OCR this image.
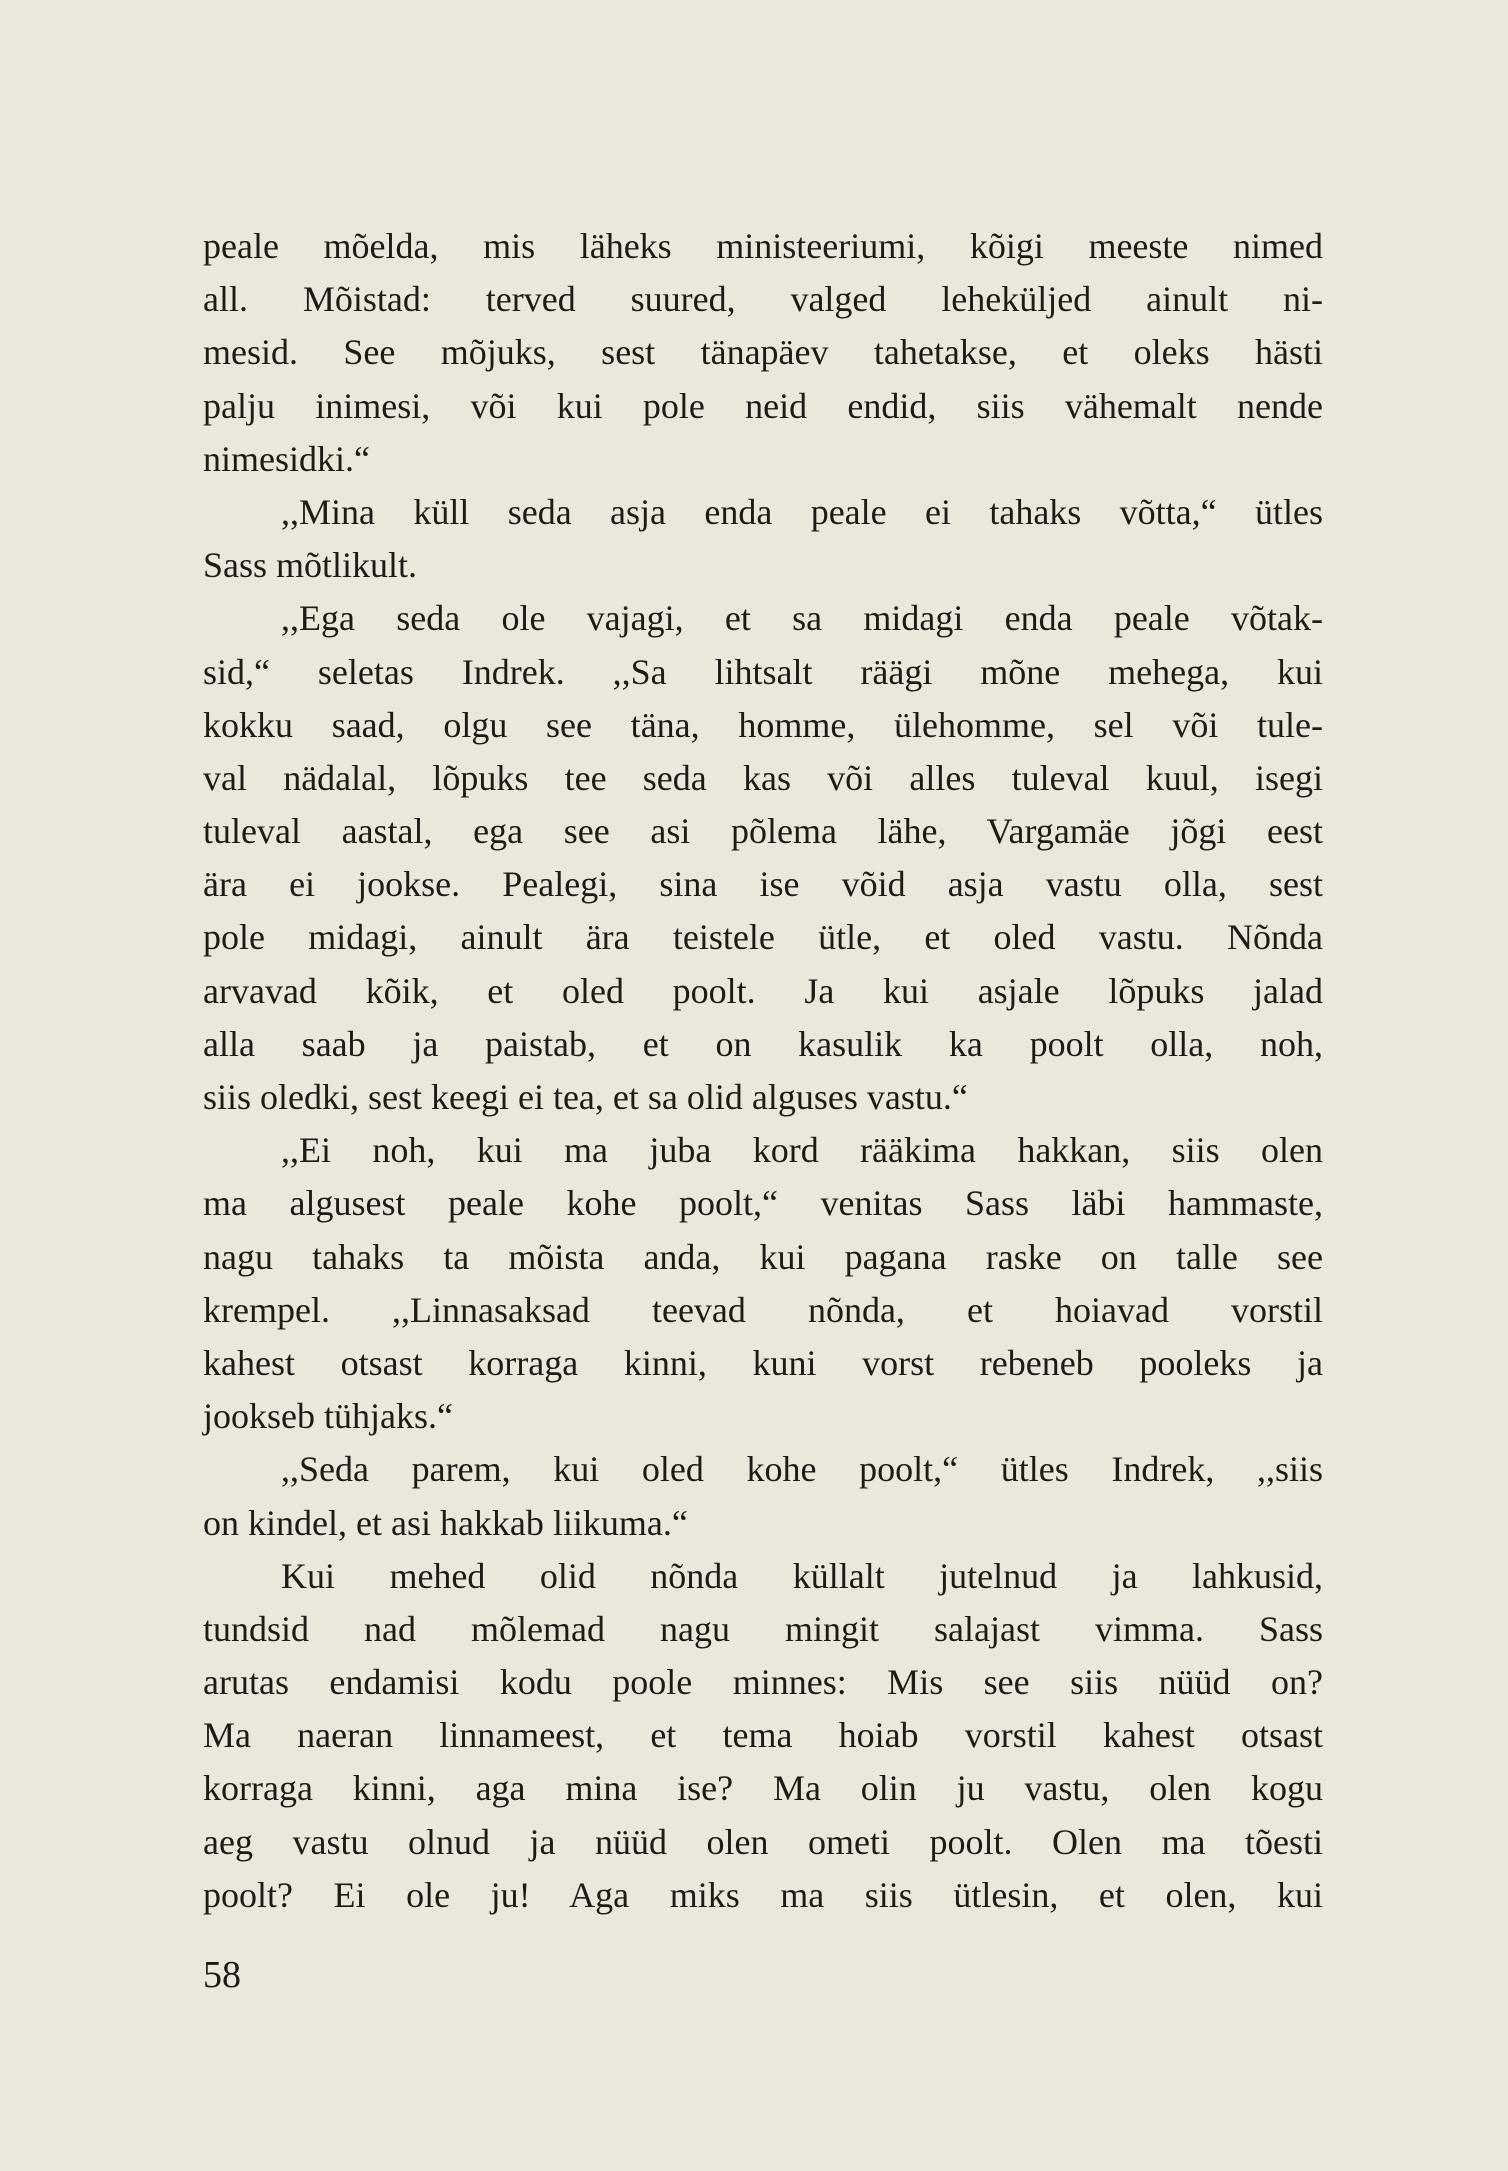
peale mõelda, mis läheks ministeeriumi, kõigi meeste nimed
all. Mõistad: terved suured, valged leheküljed ainult ni-
mesid. See mõjuks, sest tänapäev tahetakse, et oleks hästi
palju inimesi, või kui pole neid endid, siis vähemalt nende
nimesidki.“
,,Mina küll seda asja enda peale ei tahaks võtta,“ ütles
Sass mõtlikult.
,,Ega seda ole vajagi, et sa midagi enda peale võtak-
sid,“ seletas Indrek. ,,Sa lihtsalt räägi mõne mehega, kui
kokku saad, olgu see täna, homme, ülehomme, sel või tule-
val nädalal, lõpuks tee seda kas või alles tuleval kuul, isegi
tuleval aastal, ega see asi põlema lähe, Vargamäe jõgi eest
ära ei jookse. Pealegi, sina ise võid asja vastu olla, sest
pole midagi, ainult ära teistele ütle, et oled vastu. Nõnda
arvavad kõik, et oled poolt. Ja kui asjale lõpuks jalad
alla saab ja paistab, et on kasulik ka poolt olla, noh,
siis oledki, sest keegi ei tea, et sa olid alguses vastu.“
,,Ei noh, kui ma juba kord rääkima hakkan, siis olen
ma algusest peale kohe poolt,“ venitas Sass läbi hammaste,
nagu tahaks ta mõista anda, kui pagana raske on talle see
krempel. ,,Linnasaksad teevad nõnda, et hoiavad vorstil
kahest otsast korraga kinni, kuni vorst rebeneb pooleks ja
jookseb tühjaks.“
,,Seda parem, kui oled kohe poolt,“ ütles Indrek, ,,siis
on kindel, et asi hakkab liikuma.“
Kui mehed olid nõnda küllalt jutelnud ja lahkusid,
tundsid nad mõlemad nagu mingit salajast vimma. Sass
arutas endamisi kodu poole minnes: Mis see siis nüüd on?
Ma naeran linnameest, et tema hoiab vorstil kahest otsast
korraga kinni, aga mina ise? Ma olin ju vastu, olen kogu
aeg vastu olnud ja nüüd olen ometi poolt. Olen ma tõesti
poolt? Ei ole ju! Aga miks ma siis ütlesin, et olen, kui
58
